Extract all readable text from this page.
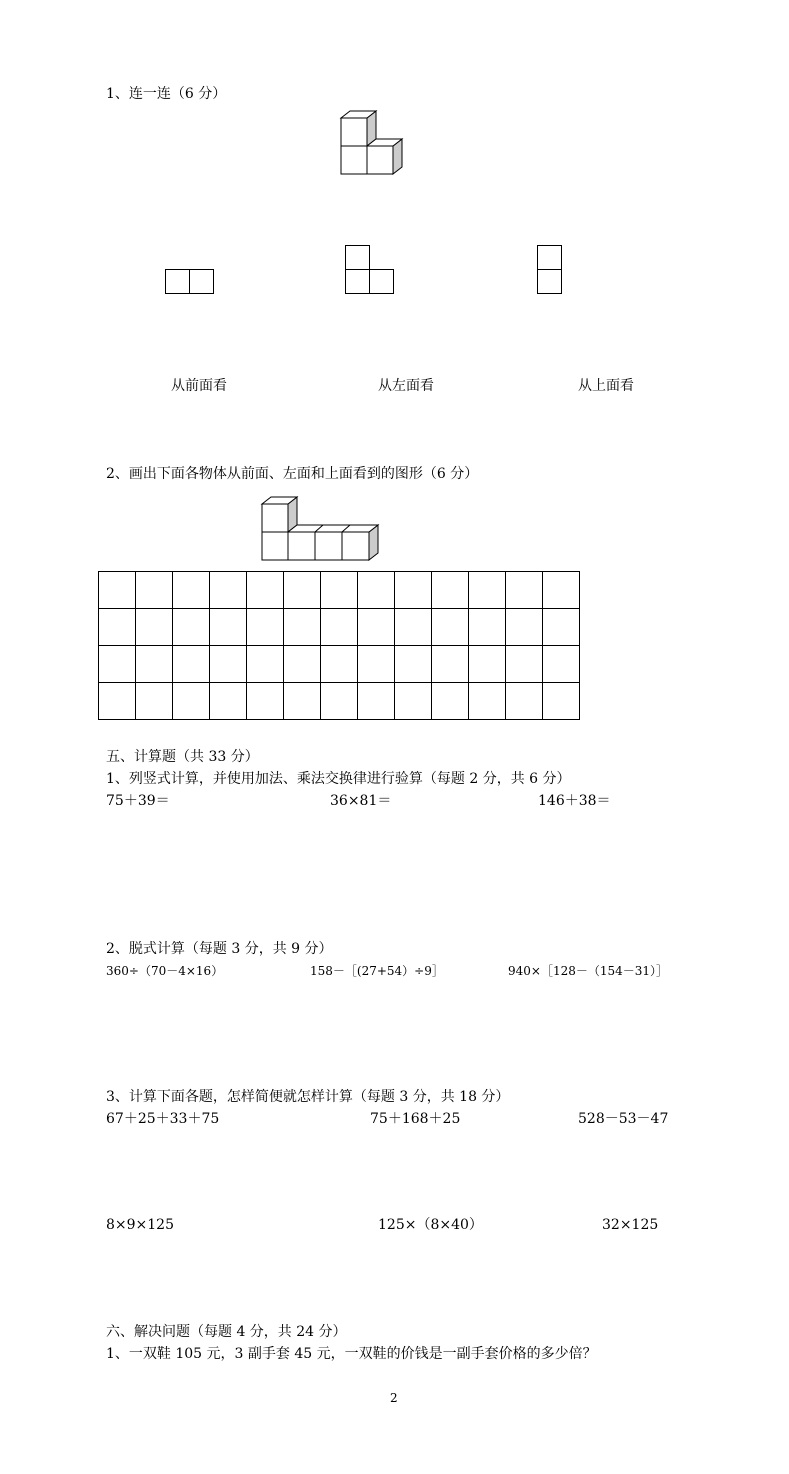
1、连一连（6 分）
从前面看	从左面看	从上面看
2、画出下面各物体从前面、左面和上面看到的图形（6 分）

五、计算题（共 33 分）
1、列竖式计算，并使用加法、乘法交换律进行验算（每题 2 分，共 6 分）
75＋39＝	36×81＝	146＋38＝
2、脱式计算（每题 3 分，共 9 分）
360÷（70－4×16）	158－［(27+54）÷9］	940×［128－（154－31）］
3、计算下面各题，怎样简便就怎样计算（每题 3 分，共 18 分）
67＋25＋33＋75	75＋168＋25	528－53－47
8×9×125	125×（8×40）	32×125
六、解决问题（每题 4 分，共 24 分）
1、一双鞋 105 元，3 副手套 45 元，一双鞋的价钱是一副手套价格的多少倍？
2
